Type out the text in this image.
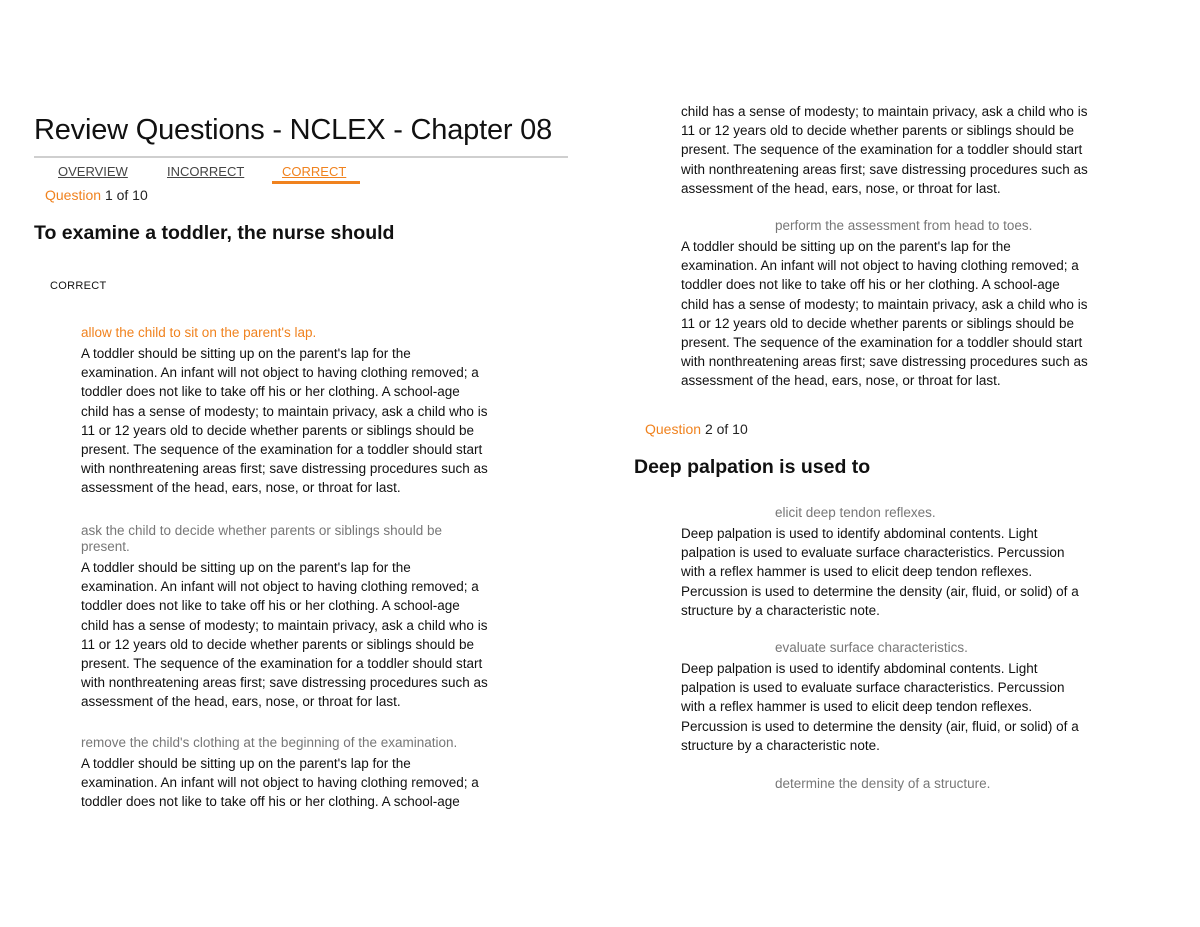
Review Questions - NCLEX - Chapter 08
OVERVIEW	INCORRECT	CORRECT
Question 1 of 10
To examine a toddler, the nurse should
CORRECT
allow the child to sit on the parent's lap.
A toddler should be sitting up on the parent's lap for the
examination. An infant will not object to having clothing removed; a
toddler does not like to take off his or her clothing. A school-age
child has a sense of modesty; to maintain privacy, ask a child who is
11 or 12 years old to decide whether parents or siblings should be
present. The sequence of the examination for a toddler should start
with nonthreatening areas first; save distressing procedures such as
assessment of the head, ears, nose, or throat for last.
ask the child to decide whether parents or siblings should be
present.
A toddler should be sitting up on the parent's lap for the
examination. An infant will not object to having clothing removed; a
toddler does not like to take off his or her clothing. A school-age
child has a sense of modesty; to maintain privacy, ask a child who is
11 or 12 years old to decide whether parents or siblings should be
present. The sequence of the examination for a toddler should start
with nonthreatening areas first; save distressing procedures such as
assessment of the head, ears, nose, or throat for last.
remove the child's clothing at the beginning of the examination.
A toddler should be sitting up on the parent's lap for the
examination. An infant will not object to having clothing removed; a
toddler does not like to take off his or her clothing. A school-age
child has a sense of modesty; to maintain privacy, ask a child who is
11 or 12 years old to decide whether parents or siblings should be
present. The sequence of the examination for a toddler should start
with nonthreatening areas first; save distressing procedures such as
assessment of the head, ears, nose, or throat for last.
perform the assessment from head to toes.
A toddler should be sitting up on the parent's lap for the
examination. An infant will not object to having clothing removed; a
toddler does not like to take off his or her clothing. A school-age
child has a sense of modesty; to maintain privacy, ask a child who is
11 or 12 years old to decide whether parents or siblings should be
present. The sequence of the examination for a toddler should start
with nonthreatening areas first; save distressing procedures such as
assessment of the head, ears, nose, or throat for last.
Question 2 of 10
Deep palpation is used to
elicit deep tendon reflexes.
Deep palpation is used to identify abdominal contents. Light
palpation is used to evaluate surface characteristics. Percussion
with a reflex hammer is used to elicit deep tendon reflexes.
Percussion is used to determine the density (air, fluid, or solid) of a
structure by a characteristic note.
evaluate surface characteristics.
Deep palpation is used to identify abdominal contents. Light
palpation is used to evaluate surface characteristics. Percussion
with a reflex hammer is used to elicit deep tendon reflexes.
Percussion is used to determine the density (air, fluid, or solid) of a
structure by a characteristic note.
determine the density of a structure.
